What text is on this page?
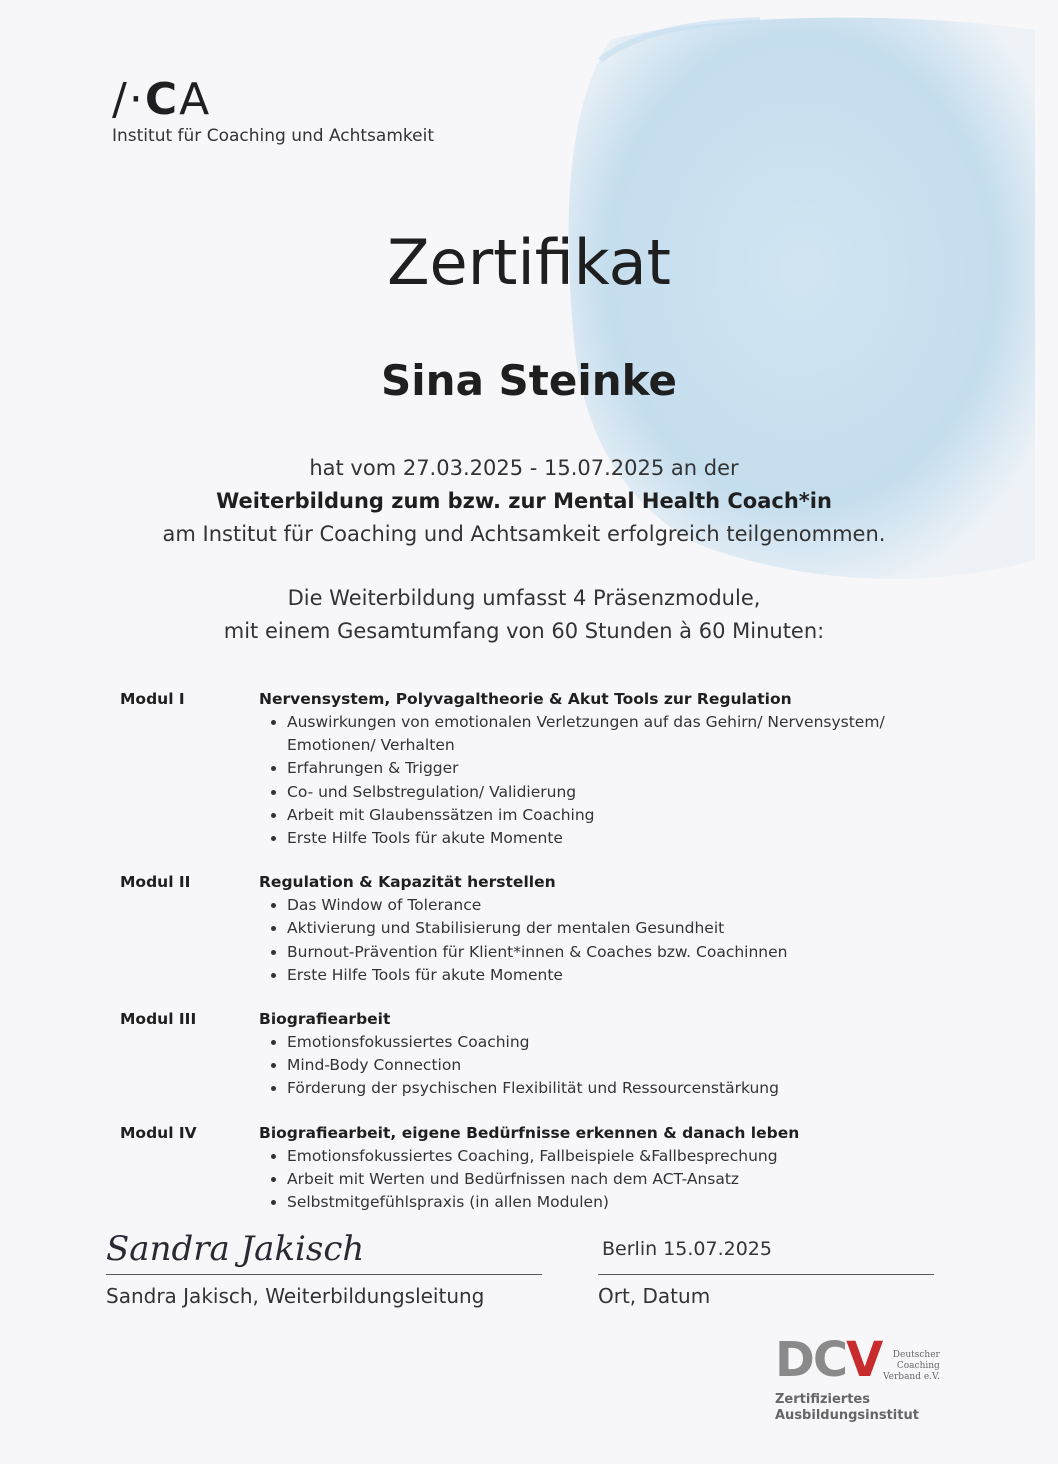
/·CA
Institut für Coaching und Achtsamkeit
Zertifikat
Sina Steinke
hat vom 27.03.2025 - 15.07.2025 an der
Weiterbildung zum bzw. zur Mental Health Coach*in
am Institut für Coaching und Achtsamkeit erfolgreich teilgenommen.
Die Weiterbildung umfasst 4 Präsenzmodule,
mit einem Gesamtumfang von 60 Stunden à 60 Minuten:
Modul I	Nervensystem, Polyvagaltheorie & Akut Tools zur Regulation
• Auswirkungen von emotionalen Verletzungen auf das Gehirn/ Nervensystem/ Emotionen/ Verhalten
• Erfahrungen & Trigger
• Co- und Selbstregulation/ Validierung
• Arbeit mit Glaubenssätzen im Coaching
• Erste Hilfe Tools für akute Momente
Modul II	Regulation & Kapazität herstellen
• Das Window of Tolerance
• Aktivierung und Stabilisierung der mentalen Gesundheit
• Burnout-Prävention für Klient*innen & Coaches bzw. Coachinnen
• Erste Hilfe Tools für akute Momente
Modul III	Biografiearbeit
• Emotionsfokussiertes Coaching
• Mind-Body Connection
• Förderung der psychischen Flexibilität und Ressourcenstärkung
Modul IV	Biografiearbeit, eigene Bedürfnisse erkennen & danach leben
• Emotionsfokussiertes Coaching, Fallbeispiele &Fallbesprechung
• Arbeit mit Werten und Bedürfnissen nach dem ACT-Ansatz
• Selbstmitgefühlspraxis (in allen Modulen)
Sandra Jakisch
Sandra Jakisch, Weiterbildungsleitung
Berlin 15.07.2025
Ort, Datum
DCV	Deutscher
Coaching
Verband e.V.
Zertifiziertes
Ausbildungsinstitut
